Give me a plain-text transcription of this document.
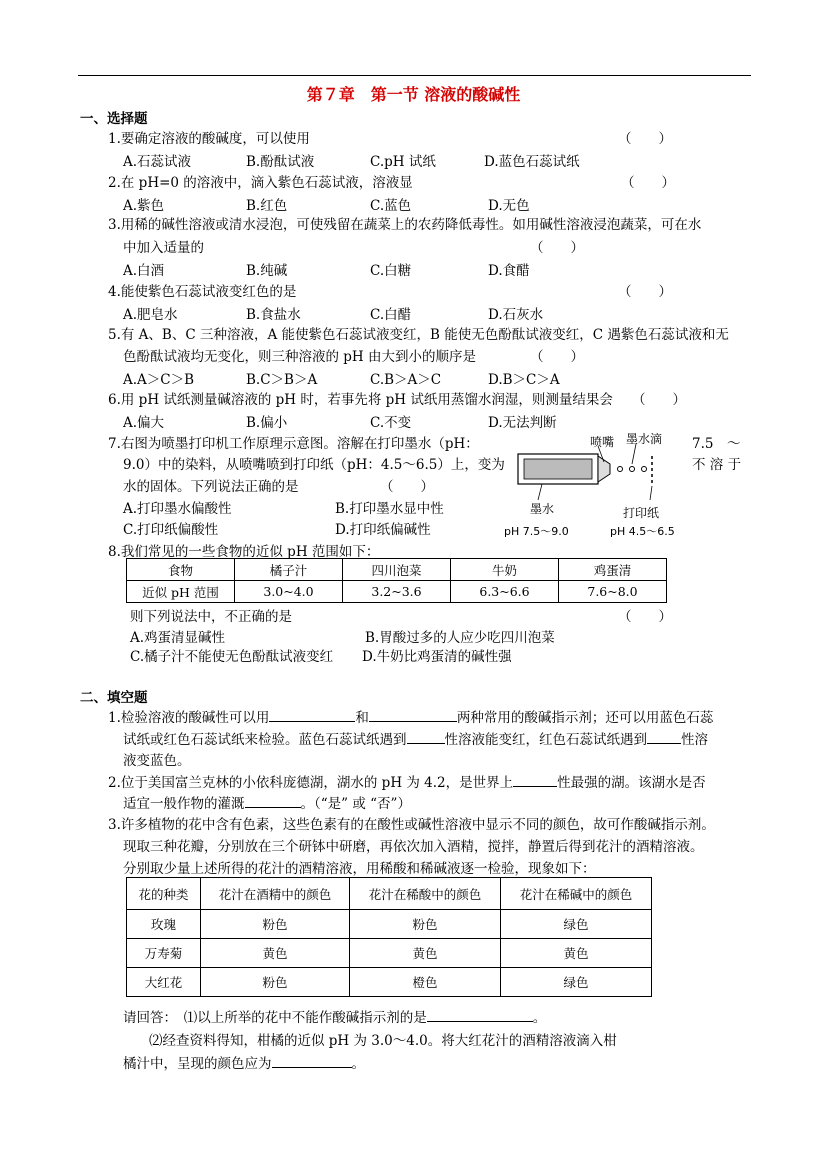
第７章　第一节 溶液的酸碱性
一、选择题
1.要确定溶液的酸碱度，可以使用	（　　）
A.石蕊试液	B.酚酞试液	C.pH 试纸	D.蓝色石蕊试纸
2.在 pH=0 的溶液中，滴入紫色石蕊试液，溶液显	（　　）
A.紫色	B.红色	C.蓝色	D.无色
3.用稀的碱性溶液或清水浸泡，可使残留在蔬菜上的农药降低毒性。如用碱性溶液浸泡蔬菜，可在水
中加入适量的	（　　）
A.白酒	B.纯碱	C.白糖	D.食醋
4.能使紫色石蕊试液变红色的是	（　　）
A.肥皂水	B.食盐水	C.白醋	D.石灰水
5.有 A、B、C 三种溶液，A 能使紫色石蕊试液变红，B 能使无色酚酞试液变红，C 遇紫色石蕊试液和无
色酚酞试液均无变化，则三种溶液的 pH 由大到小的顺序是	（　　）
A.A＞C＞B	B.C＞B＞A	C.B＞A＞C	D.B＞C＞A
6.用 pH 试纸测量碱溶液的 pH 时，若事先将 pH 试纸用蒸馏水润湿，则测量结果会 （　　）
A.偏大	B.偏小	C.不变	D.无法判断
7.右图为喷墨打印机工作原理示意图。溶解在打印墨水（pH：	7.5　～
9.0）中的染料，从喷嘴喷到打印纸（pH：4.5～6.5）上，变为	不 溶 于
水的固体。下列说法正确的是	（　　）
A.打印墨水偏酸性	B.打印墨水显中性
C.打印纸偏酸性	D.打印纸偏碱性
喷嘴 墨水滴
墨水	打印纸
pH 7.5～9.0	pH 4.5～6.5
8.我们常见的一些食物的近似 pH 范围如下：
食物	橘子汁	四川泡菜	牛奶	鸡蛋清
近似 pH 范围	3.0~4.0	3.2~3.6	6.3~6.6	7.6~8.0
则下列说法中，不正确的是	（　　）
A.鸡蛋清显碱性	B.胃酸过多的人应少吃四川泡菜
C.橘子汁不能使无色酚酞试液变红 D.牛奶比鸡蛋清的碱性强
二、填空题
1.检验溶液的酸碱性可以用	和	两种常用的酸碱指示剂；还可以用蓝色石蕊
试纸或红色石蕊试纸来检验。蓝色石蕊试纸遇到	性溶液能变红，红色石蕊试纸遇到	性溶
液变蓝色。
2.位于美国富兰克林的小依科庞德湖，湖水的 pH 为 4.2，是世界上	性最强的湖。该湖水是否
适宜一般作物的灌溉	。（“是” 或 “否”）
3.许多植物的花中含有色素，这些色素有的在酸性或碱性溶液中显示不同的颜色，故可作酸碱指示剂。
现取三种花瓣，分别放在三个研钵中研磨，再依次加入酒精，搅拌，静置后得到花汁的酒精溶液。
分别取少量上述所得的花汁的酒精溶液，用稀酸和稀碱液逐一检验，现象如下：
花的种类	花汁在酒精中的颜色	花汁在稀酸中的颜色	花汁在稀碱中的颜色
玫瑰	粉色	粉色	绿色
万寿菊	黄色	黄色	黄色
大红花	粉色	橙色	绿色
请回答：　⑴以上所举的花中不能作酸碱指示剂的是	。
⑵经查资料得知，柑橘的近似 pH 为 3.0～4.0。将大红花汁的酒精溶液滴入柑
橘汁中，呈现的颜色应为	。
